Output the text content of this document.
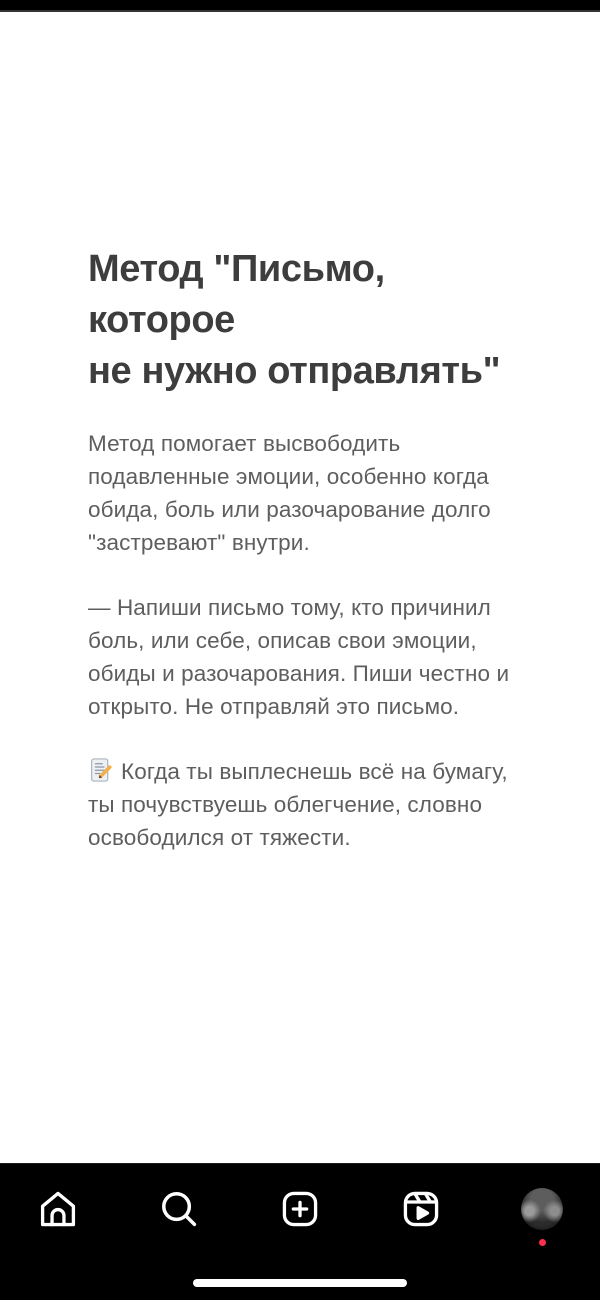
Метод "Письмо, которое
не нужно отправлять"

Метод помогает высвободить подавленные эмоции, особенно когда обида, боль или разочарование долго "застревают" внутри.

— Напиши письмо тому, кто причинил боль, или себе, описав свои эмоции, обиды и разочарования. Пиши честно и открыто. Не отправляй это письмо.

Когда ты выплеснешь всё на бумагу, ты почувствуешь облегчение, словно освободился от тяжести.
